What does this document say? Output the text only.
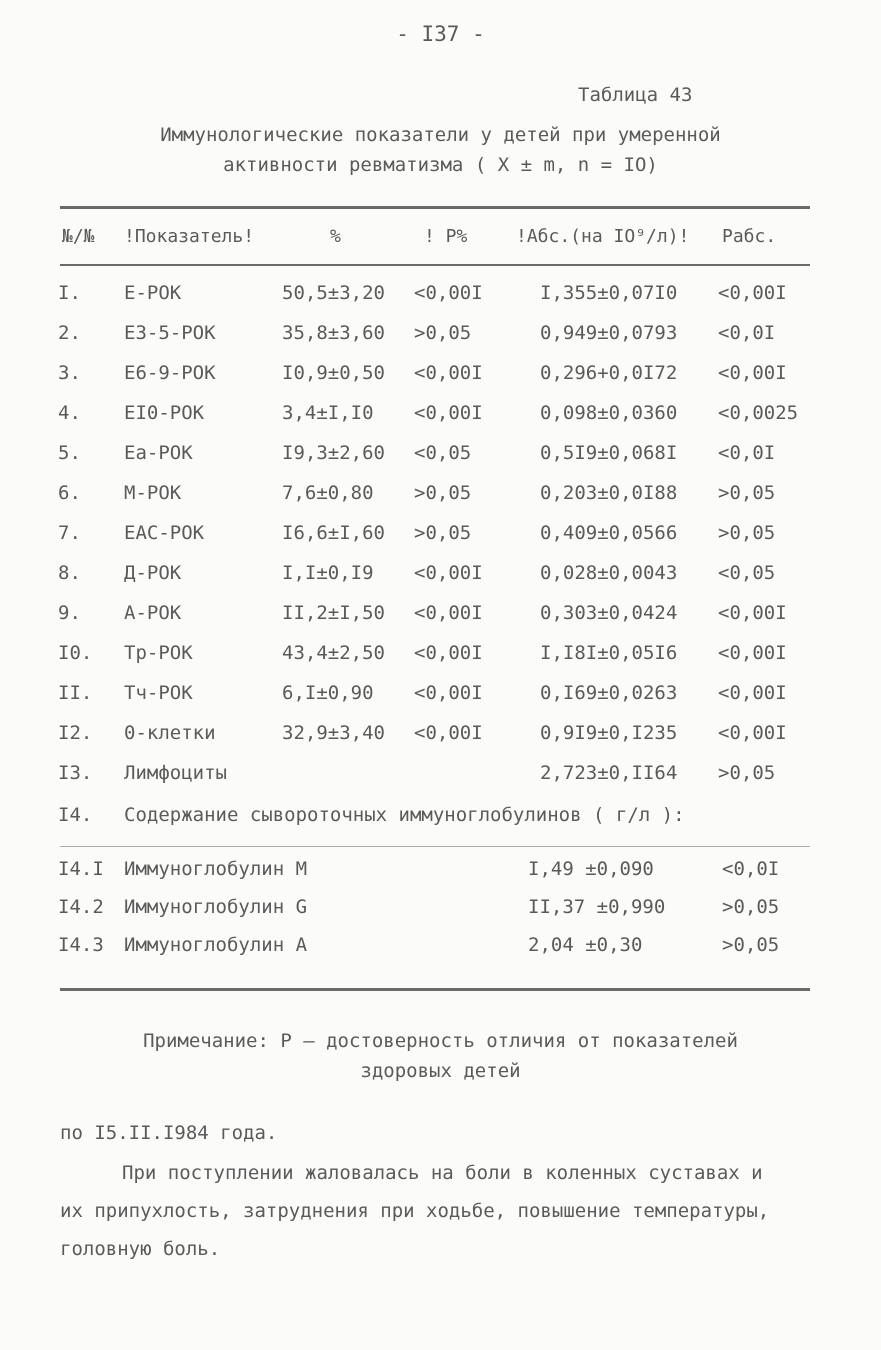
- I37 -
Таблица 43
Иммунологические показатели у детей при умеренной
активности ревматизма ( X ± m, n = IO)
№/№ !Показатель!	%	! P%	!Абс.(на IO⁹/л)! Pабс.
I. E-РОК	50,5±3,20 <0,00I	I,355±0,07I0 <0,00I
2. E3-5-РОК	35,8±3,60 >0,05	0,949±0,0793 <0,0I
3. E6-9-РОК	I0,9±0,50 <0,00I	0,296+0,0I72 <0,00I
4. EI0-РОК	3,4±I,I0 <0,00I	0,098±0,0360 <0,0025
5. Ea-РОК	I9,3±2,60 <0,05	0,5I9±0,068I <0,0I
6. М-РОК	7,6±0,80 >0,05	0,203±0,0I88 >0,05
7. EAC-РОК	I6,6±I,60 >0,05	0,409±0,0566 >0,05
8. Д-РОК	I,I±0,I9 <0,00I	0,028±0,0043 <0,05
9. A-РОК	II,2±I,50 <0,00I	0,303±0,0424 <0,00I
I0. Tp-РОК	43,4±2,50 <0,00I	I,I8I±0,05I6 <0,00I
II. Tч-РОК	6,I±0,90 <0,00I	0,I69±0,0263 <0,00I
I2. 0-клетки	32,9±3,40 <0,00I	0,9I9±0,I235 <0,00I
I3. Лимфоциты	2,723±0,II64 >0,05
I4. Содержание сывороточных иммуноглобулинов ( г/л ):
I4.I Иммуноглобулин М	I,49 ±0,090	<0,0I
I4.2 Иммуноглобулин G	II,37 ±0,990	>0,05
I4.3 Иммуноглобулин А	2,04 ±0,30	>0,05
Примечание: P – достоверность отличия от показателей
здоровых детей
по I5.II.I984 года.
При поступлении жаловалась на боли в коленных суставах и
их припухлость, затруднения при ходьбе, повышение температуры,
головную боль.
